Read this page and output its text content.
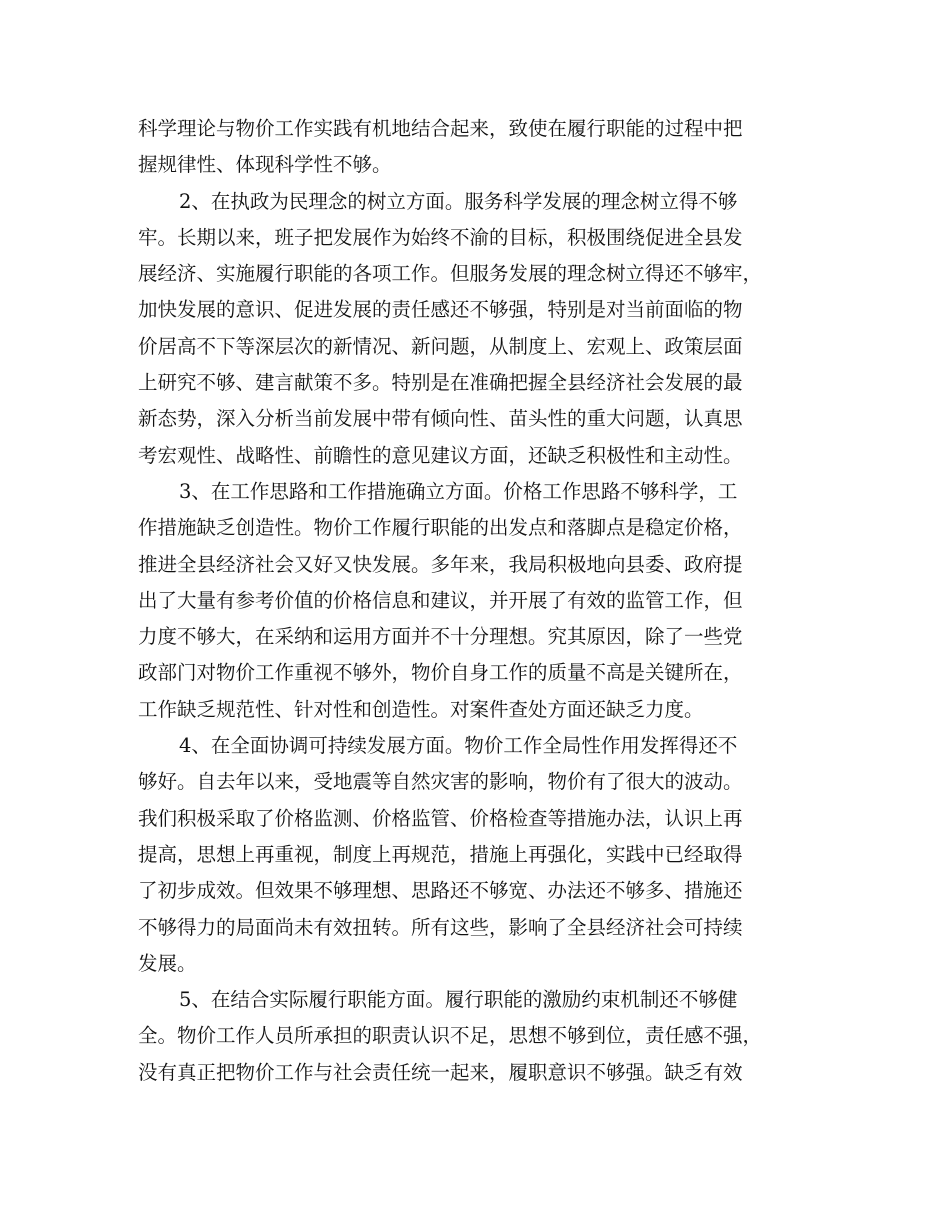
科学理论与物价工作实践有机地结合起来，致使在履行职能的过程中把
握规律性、体现科学性不够。
2、在执政为民理念的树立方面。服务科学发展的理念树立得不够
牢。长期以来，班子把发展作为始终不渝的目标，积极围绕促进全县发
展经济、实施履行职能的各项工作。但服务发展的理念树立得还不够牢，
加快发展的意识、促进发展的责任感还不够强，特别是对当前面临的物
价居高不下等深层次的新情况、新问题，从制度上、宏观上、政策层面
上研究不够、建言献策不多。特别是在准确把握全县经济社会发展的最
新态势，深入分析当前发展中带有倾向性、苗头性的重大问题，认真思
考宏观性、战略性、前瞻性的意见建议方面，还缺乏积极性和主动性。
3、在工作思路和工作措施确立方面。价格工作思路不够科学，工
作措施缺乏创造性。物价工作履行职能的出发点和落脚点是稳定价格，
推进全县经济社会又好又快发展。多年来，我局积极地向县委、政府提
出了大量有参考价值的价格信息和建议，并开展了有效的监管工作，但
力度不够大，在采纳和运用方面并不十分理想。究其原因，除了一些党
政部门对物价工作重视不够外，物价自身工作的质量不高是关键所在，
工作缺乏规范性、针对性和创造性。对案件查处方面还缺乏力度。
4、在全面协调可持续发展方面。物价工作全局性作用发挥得还不
够好。自去年以来，受地震等自然灾害的影响，物价有了很大的波动。
我们积极采取了价格监测、价格监管、价格检查等措施办法，认识上再
提高，思想上再重视，制度上再规范，措施上再强化，实践中已经取得
了初步成效。但效果不够理想、思路还不够宽、办法还不够多、措施还
不够得力的局面尚未有效扭转。所有这些，影响了全县经济社会可持续
发展。
5、在结合实际履行职能方面。履行职能的激励约束机制还不够健
全。物价工作人员所承担的职责认识不足，思想不够到位，责任感不强，
没有真正把物价工作与社会责任统一起来，履职意识不够强。缺乏有效
